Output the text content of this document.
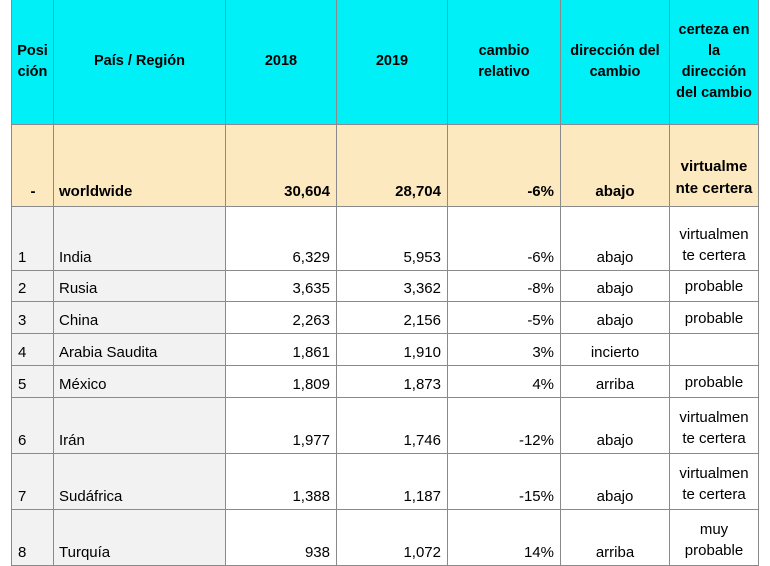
Posi ción	País / Región	2018	2019	cambio relativo	dirección del cambio	certeza en la dirección del cambio
-	worldwide	30,604	28,704	-6%	abajo	virtualme nte certera
1	India	6,329	5,953	-6%	abajo	virtualmen te certera
2	Rusia	3,635	3,362	-8%	abajo	probable
3	China	2,263	2,156	-5%	abajo	probable
4	Arabia Saudita	1,861	1,910	3%	incierto	
5	México	1,809	1,873	4%	arriba	probable
6	Irán	1,977	1,746	-12%	abajo	virtualmen te certera
7	Sudáfrica	1,388	1,187	-15%	abajo	virtualmen te certera
8	Turquía	938	1,072	14%	arriba	muy probable
